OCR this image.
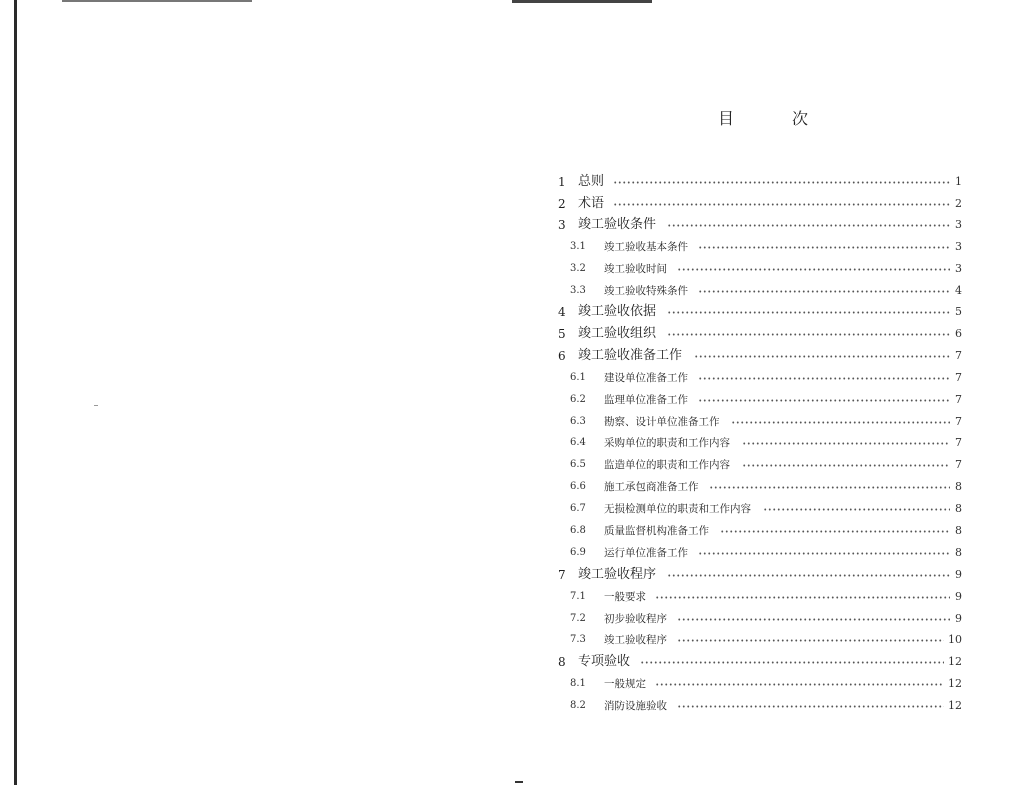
目	次
1 总则	1
2 术语	2
3 竣工验收条件	3
3.1 竣工验收基本条件	3
3.2 竣工验收时间	3
3.3 竣工验收特殊条件	4
4 竣工验收依据	5
5 竣工验收组织	6
6 竣工验收准备工作	7
6.1 建设单位准备工作	7
6.2 监理单位准备工作	7
6.3 勘察、设计单位准备工作	7
6.4 采购单位的职责和工作内容	7
6.5 监造单位的职责和工作内容	7
6.6 施工承包商准备工作	8
6.7 无损检测单位的职责和工作内容	8
6.8 质量监督机构准备工作	8
6.9 运行单位准备工作	8
7 竣工验收程序	9
7.1 一般要求	9
7.2 初步验收程序	9
7.3 竣工验收程序	10
8 专项验收	12
8.1 一般规定	12
8.2 消防设施验收	12
